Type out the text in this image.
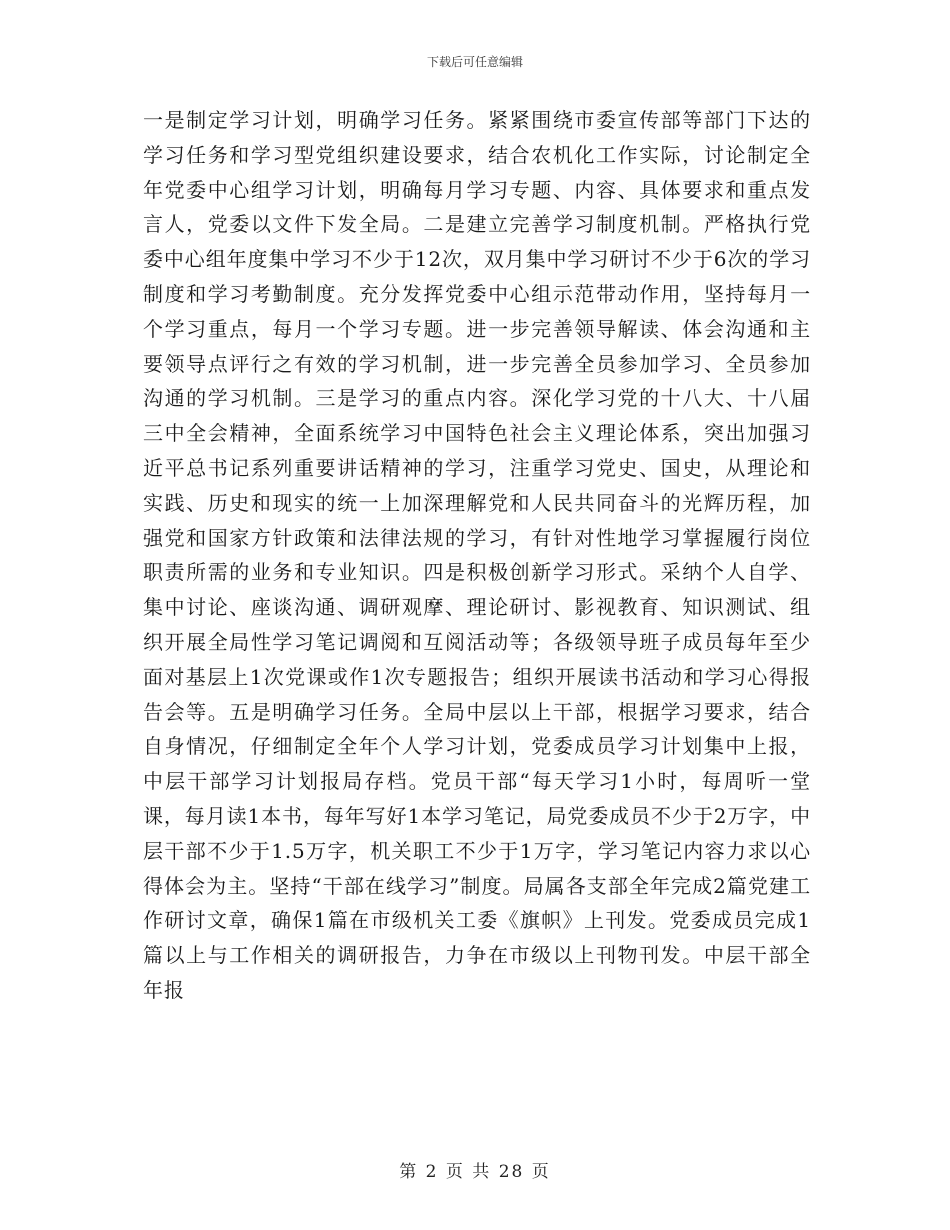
下载后可任意编辑

一是制定学习计划，明确学习任务。紧紧围绕市委宣传部等部门下达的学习任务和学习型党组织建设要求，结合农机化工作实际，讨论制定全年党委中心组学习计划，明确每月学习专题、内容、具体要求和重点发言人，党委以文件下发全局。二是建立完善学习制度机制。严格执行党委中心组年度集中学习不少于12次，双月集中学习研讨不少于6次的学习制度和学习考勤制度。充分发挥党委中心组示范带动作用，坚持每月一个学习重点，每月一个学习专题。进一步完善领导解读、体会沟通和主要领导点评行之有效的学习机制，进一步完善全员参加学习、全员参加沟通的学习机制。三是学习的重点内容。深化学习党的十八大、十八届三中全会精神，全面系统学习中国特色社会主义理论体系，突出加强习近平总书记系列重要讲话精神的学习，注重学习党史、国史，从理论和实践、历史和现实的统一上加深理解党和人民共同奋斗的光辉历程，加强党和国家方针政策和法律法规的学习，有针对性地学习掌握履行岗位职责所需的业务和专业知识。四是积极创新学习形式。采纳个人自学、集中讨论、座谈沟通、调研观摩、理论研讨、影视教育、知识测试、组织开展全局性学习笔记调阅和互阅活动等；各级领导班子成员每年至少面对基层上1次党课或作1次专题报告；组织开展读书活动和学习心得报告会等。五是明确学习任务。全局中层以上干部，根据学习要求，结合自身情况，仔细制定全年个人学习计划，党委成员学习计划集中上报，中层干部学习计划报局存档。党员干部“每天学习1小时，每周听一堂课，每月读1本书，每年写好1本学习笔记，局党委成员不少于2万字，中层干部不少于1.5万字，机关职工不少于1万字，学习笔记内容力求以心得体会为主。坚持“干部在线学习”制度。局属各支部全年完成2篇党建工作研讨文章，确保1篇在市级机关工委《旗帜》上刊发。党委成员完成1篇以上与工作相关的调研报告，力争在市级以上刊物刊发。中层干部全年报

第 2 页 共 28 页
